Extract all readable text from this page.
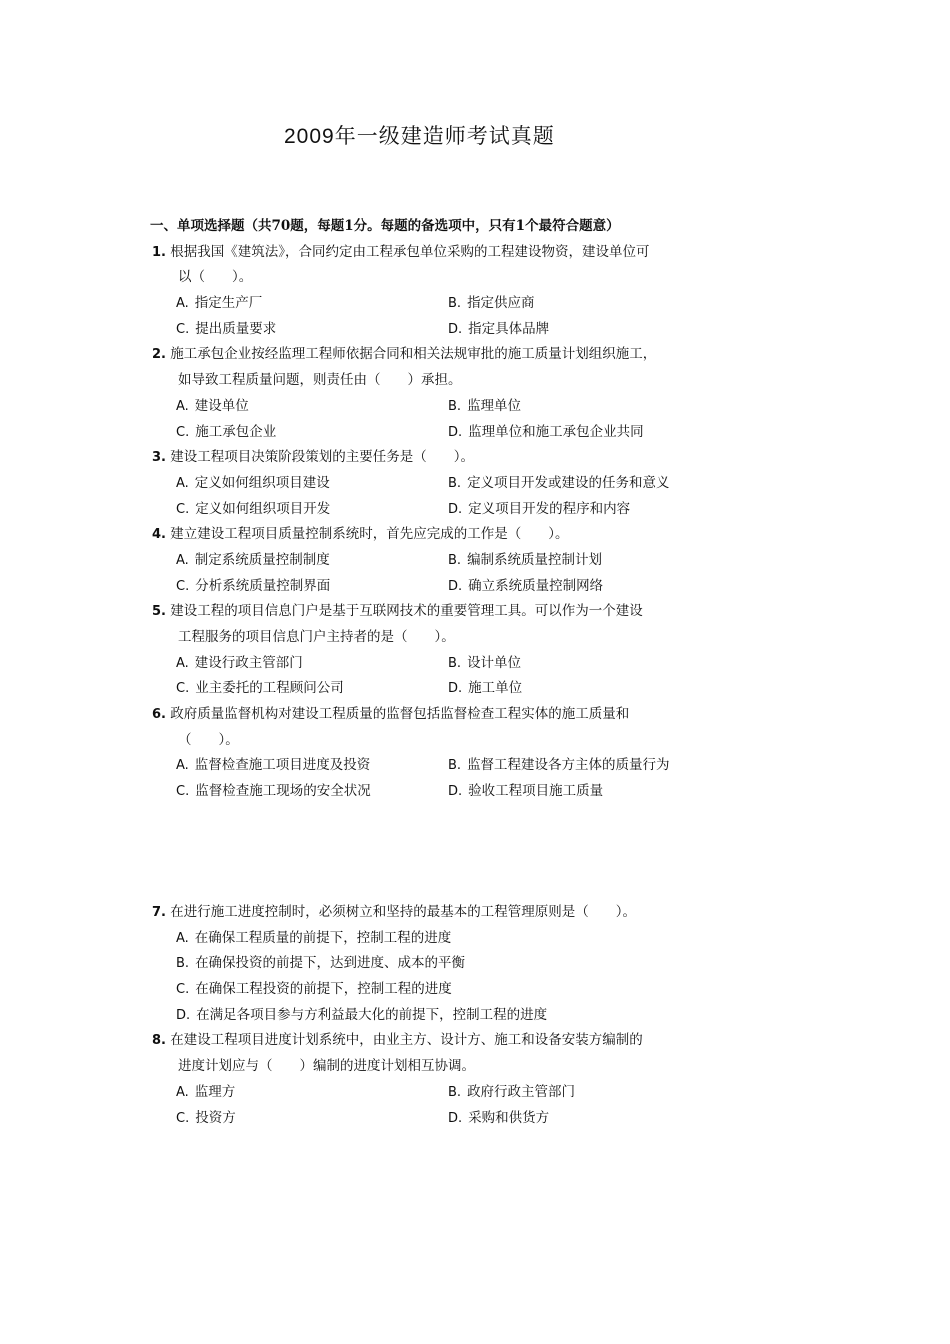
2009年一级建造师考试真题
一、单项选择题（共70题，每题1分。每题的备选项中，只有1个最符合题意）
1. 根据我国《建筑法》，合同约定由工程承包单位采购的工程建设物资，建设单位可
以（　　）。
A. 指定生产厂	B. 指定供应商
C. 提出质量要求	D. 指定具体品牌
2. 施工承包企业按经监理工程师依据合同和相关法规审批的施工质量计划组织施工，
如导致工程质量问题，则责任由（　　）承担。
A. 建设单位	B. 监理单位
C. 施工承包企业	D. 监理单位和施工承包企业共同
3. 建设工程项目决策阶段策划的主要任务是（　　）。
A. 定义如何组织项目建设	B. 定义项目开发或建设的任务和意义
C. 定义如何组织项目开发	D. 定义项目开发的程序和内容
4. 建立建设工程项目质量控制系统时，首先应完成的工作是（　　）。
A. 制定系统质量控制制度	B. 编制系统质量控制计划
C. 分析系统质量控制界面	D. 确立系统质量控制网络
5. 建设工程的项目信息门户是基于互联网技术的重要管理工具。可以作为一个建设
工程服务的项目信息门户主持者的是（　　）。
A. 建设行政主管部门	B. 设计单位
C. 业主委托的工程顾问公司	D. 施工单位
6. 政府质量监督机构对建设工程质量的监督包括监督检查工程实体的施工质量和
（　　）。
A. 监督检查施工项目进度及投资	B. 监督工程建设各方主体的质量行为
C. 监督检查施工现场的安全状况	D. 验收工程项目施工质量
7. 在进行施工进度控制时，必须树立和坚持的最基本的工程管理原则是（　　）。
A. 在确保工程质量的前提下，控制工程的进度
B. 在确保投资的前提下，达到进度、成本的平衡
C. 在确保工程投资的前提下，控制工程的进度
D. 在满足各项目参与方利益最大化的前提下，控制工程的进度
8. 在建设工程项目进度计划系统中，由业主方、设计方、施工和设备安装方编制的
进度计划应与（　　）编制的进度计划相互协调。
A. 监理方	B. 政府行政主管部门
C. 投资方	D. 采购和供货方
